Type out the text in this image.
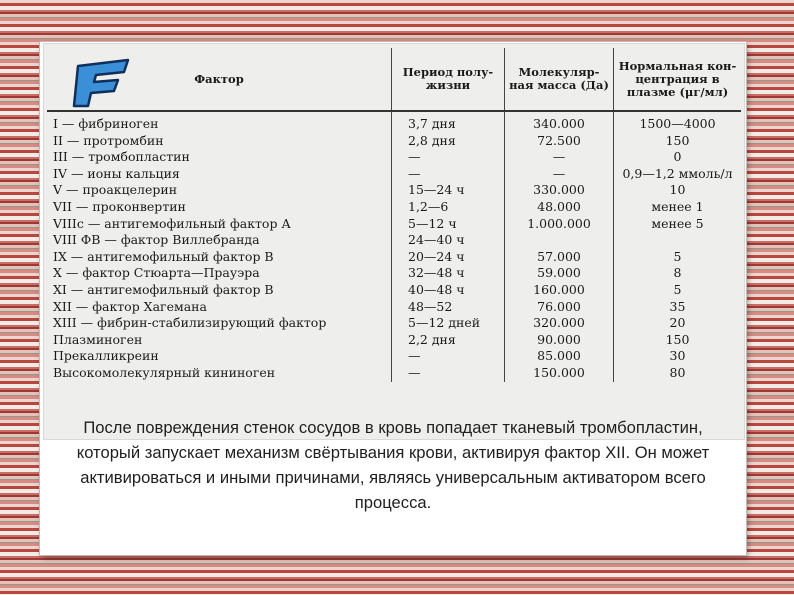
Фактор	Период полу- жизни	Молекуляр- ная масса (Да)	Нормальная кон- центрация в плазме (μг/мл)
I — фибриноген	3,7 дня	340.000	1500—4000
II — протромбин	2,8 дня	72.500	150
III — тромбопластин	—	—	0
IV — ионы кальция	—	—	0,9—1,2 ммоль/л
V — проакцелерин	15—24 ч	330.000	10
VII — проконвертин	1,2—6	48.000	менее 1
VIIIc — антигемофильный фактор А	5—12 ч	1.000.000	менее 5
VIII ФВ — фактор Виллебранда	24—40 ч		
IX — антигемофильный фактор В	20—24 ч	57.000	5
X — фактор Стюарта—Прауэра	32—48 ч	59.000	8
XI — антигемофильный фактор В	40—48 ч	160.000	5
XII — фактор Хагемана	48—52	76.000	35
XIII — фибрин-стабилизирующий фактор	5—12 дней	320.000	20
Плазминоген	2,2 дня	90.000	150
Прекалликреин	—	85.000	30
Высокомолекулярный кининоген	—	150.000	80
После повреждения стенок сосудов в кровь попадает тканевый тромбопластин, который запускает механизм свёртывания крови, активируя фактор XII. Он может активироваться и иными причинами, являясь универсальным активатором всего процесса.
